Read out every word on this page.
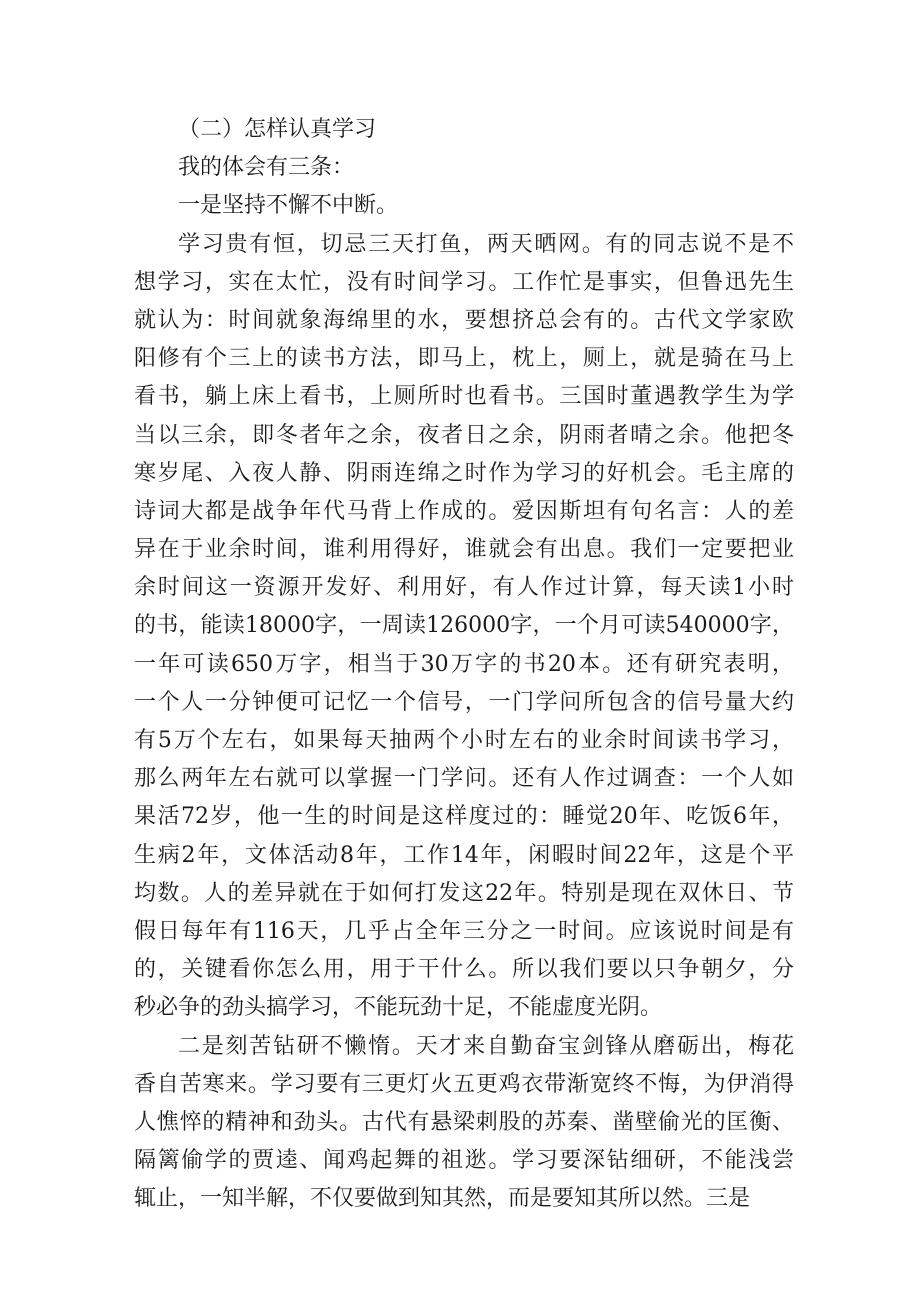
（二）怎样认真学习
我的体会有三条：
一是坚持不懈不中断。
学习贵有恒，切忌三天打鱼，两天晒网。有的同志说不是不
想学习，实在太忙，没有时间学习。工作忙是事实，但鲁迅先生
就认为：时间就象海绵里的水，要想挤总会有的。古代文学家欧
阳修有个三上的读书方法，即马上，枕上，厕上，就是骑在马上
看书，躺上床上看书，上厕所时也看书。三国时董遇教学生为学
当以三余，即冬者年之余，夜者日之余，阴雨者晴之余。他把冬
寒岁尾、入夜人静、阴雨连绵之时作为学习的好机会。毛主席的
诗词大都是战争年代马背上作成的。爱因斯坦有句名言：人的差
异在于业余时间，谁利用得好，谁就会有出息。我们一定要把业
余时间这一资源开发好、利用好，有人作过计算，每天读1小时
的书，能读18000字，一周读126000字，一个月可读540000字，
一年可读650万字，相当于30万字的书20本。还有研究表明，
一个人一分钟便可记忆一个信号，一门学问所包含的信号量大约
有5万个左右，如果每天抽两个小时左右的业余时间读书学习，
那么两年左右就可以掌握一门学问。还有人作过调查：一个人如
果活72岁，他一生的时间是这样度过的：睡觉20年、吃饭6年，
生病2年，文体活动8年，工作14年，闲暇时间22年，这是个平
均数。人的差异就在于如何打发这22年。特别是现在双休日、节
假日每年有116天，几乎占全年三分之一时间。应该说时间是有
的，关键看你怎么用，用于干什么。所以我们要以只争朝夕，分
秒必争的劲头搞学习，不能玩劲十足，不能虚度光阴。
二是刻苦钻研不懒惰。天才来自勤奋宝剑锋从磨砺出，梅花
香自苦寒来。学习要有三更灯火五更鸡衣带渐宽终不悔，为伊消得
人憔悴的精神和劲头。古代有悬梁刺股的苏秦、凿壁偷光的匡衡、
隔篱偷学的贾逵、闻鸡起舞的祖逖。学习要深钻细研，不能浅尝
辄止，一知半解，不仅要做到知其然，而是要知其所以然。三是
